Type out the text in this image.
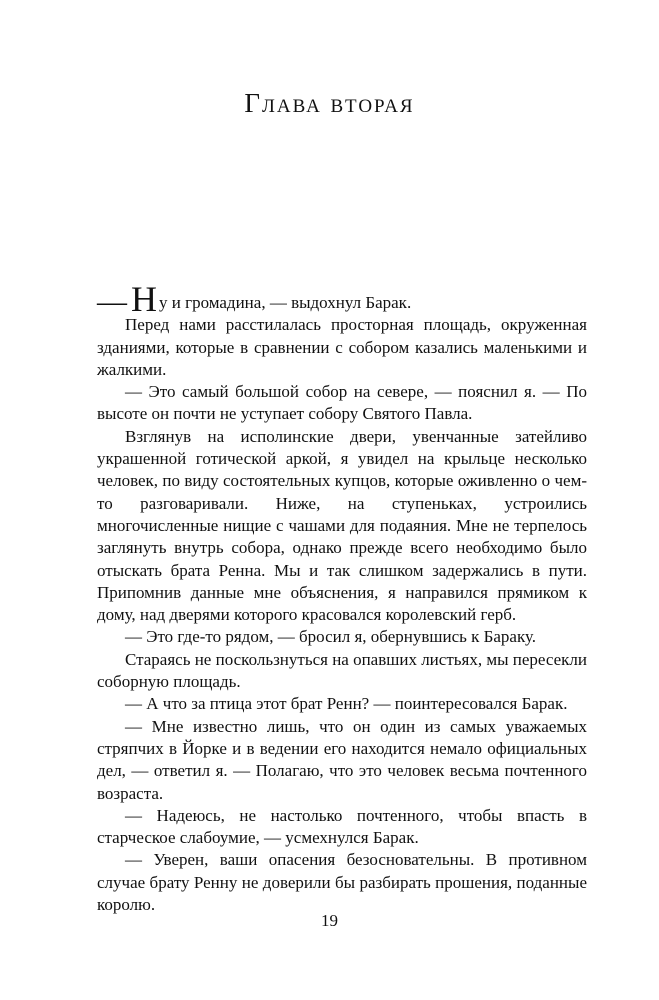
Глава вторая

— Н у и громадина, — выдохнул Барак.

Перед нами расстилалась просторная площадь, окруженная зданиями, которые в сравнении с собором казались маленькими и жалкими.

— Это самый большой собор на севере, — пояснил я. — По высоте он почти не уступает собору Святого Павла.

Взглянув на исполинские двери, увенчанные затейливо украшенной готической аркой, я увидел на крыльце несколько человек, по виду состоятельных купцов, которые оживленно о чем-то разговаривали. Ниже, на ступеньках, устроились многочисленные нищие с чашами для подаяния. Мне не терпелось заглянуть внутрь собора, однако прежде всего необходимо было отыскать брата Ренна. Мы и так слишком задержались в пути. Припомнив данные мне объяснения, я направился прямиком к дому, над дверями которого красовался королевский герб.

— Это где-то рядом, — бросил я, обернувшись к Бараку.

Стараясь не поскользнуться на опавших листьях, мы пересекли соборную площадь.

— А что за птица этот брат Ренн? — поинтересовался Барак.

— Мне известно лишь, что он один из самых уважаемых стряпчих в Йорке и в ведении его находится немало официальных дел, — ответил я. — Полагаю, что это человек весьма почтенного возраста.

— Надеюсь, не настолько почтенного, чтобы впасть в старческое слабоумие, — усмехнулся Барак.

— Уверен, ваши опасения безосновательны. В противном случае брату Ренну не доверили бы разбирать прошения, поданные королю.

19
